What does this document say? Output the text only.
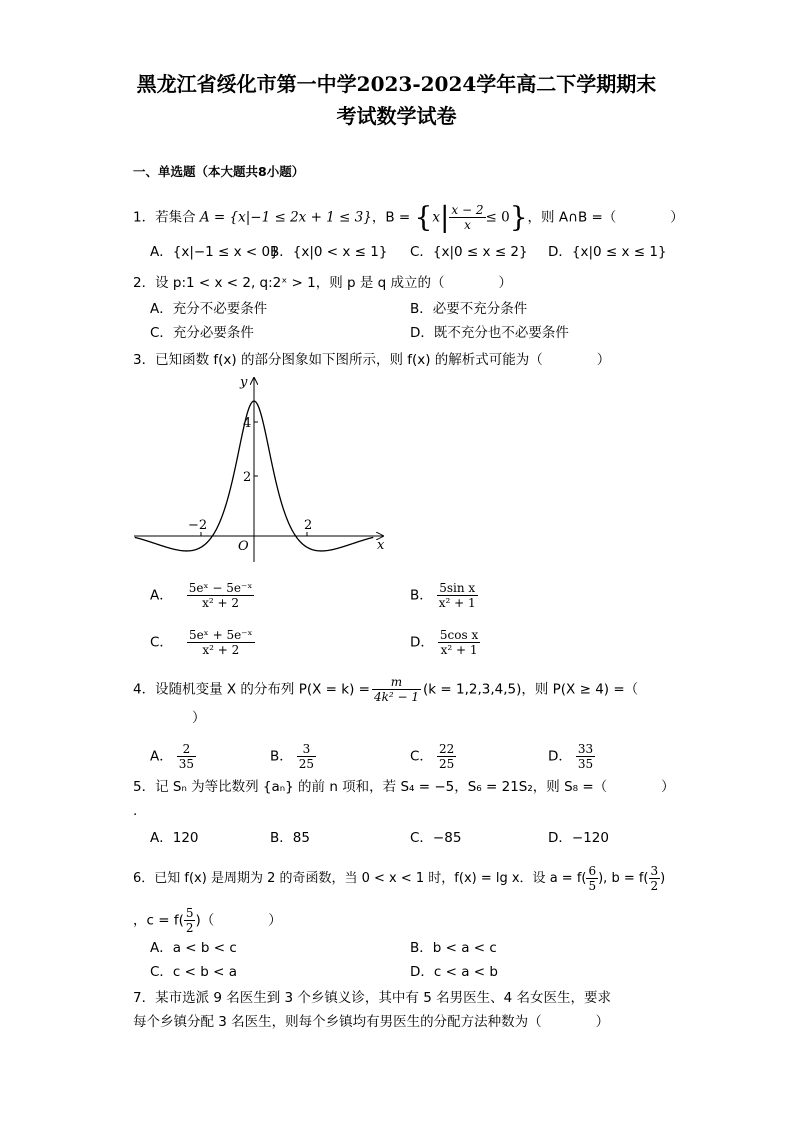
黑龙江省绥化市第一中学2023-2024学年高二下学期期末
考试数学试卷
一、单选题（本大题共8小题）
1．若集合 A = {x|−1 ≤ 2x + 1 ≤ 3}，$B = \{x| \frac{x - 2}{x} \le 0\}$，则 A∩B =（　　　　）
A．{x|−1 ≤ x < 0}
B．{x|0 < x ≤ 1} C．{x|0 ≤ x ≤ 2} D．{x|0 ≤ x ≤ 1}
2．设 p:1 < x < 2, q:2ˣ > 1，则 p 是 q 成立的（　　　　）
A．充分不必要条件	B．必要不充分条件
C．充分必要条件	D．既不充分也不必要条件
3．已知函数 f(x) 的部分图象如下图所示，则 f(x) 的解析式可能为（　　　　）
y
x
O
−2	2
4
2
A． $\frac{\text{5eˣ − 5e⁻ˣ}}{\text{x² + 2}}$	B． $\frac{\text{5sin x}}{\text{x² + 1}}$
C． $\frac{\text{5eˣ + 5e⁻ˣ}}{\text{x² + 2}}$	D． $\frac{\text{5cos x}}{\text{x² + 1}}$
4．设随机变量 X 的分布列 $P(X = k) = \frac{m}{\text{4k² − 1}} (k = 1,2,3,4,5)$，则 P(X ≥ 4) =（
）
A． $\frac{2}{35}$	B． $\frac{3}{25}$	C． $\frac{22}{25}$	D． $\frac{33}{35}$
5．记 Sₙ 为等比数列 {aₙ} 的前 n 项和，若 S₄ = −5，S₆ = 21S₂，则 S₈ =（　　　　）
.
A．120	B．85	C．−85	D．−120
6．已知 f(x) 是周期为 2 的奇函数，当 0 < x < 1 时，f(x) = lg x．设 $a = f( \frac{6}{5}$ ), $b = f( \frac{3}{2}$ )
，$c = f( \frac{5}{2}$ )（　　　　）
A．a < b < c	B．b < a < c
C．c < b < a	D．c < a < b
7．某市选派 9 名医生到 3 个乡镇义诊，其中有 5 名男医生、4 名女医生，要求
每个乡镇分配 3 名医生，则每个乡镇均有男医生的分配方法种数为（　　　　）
